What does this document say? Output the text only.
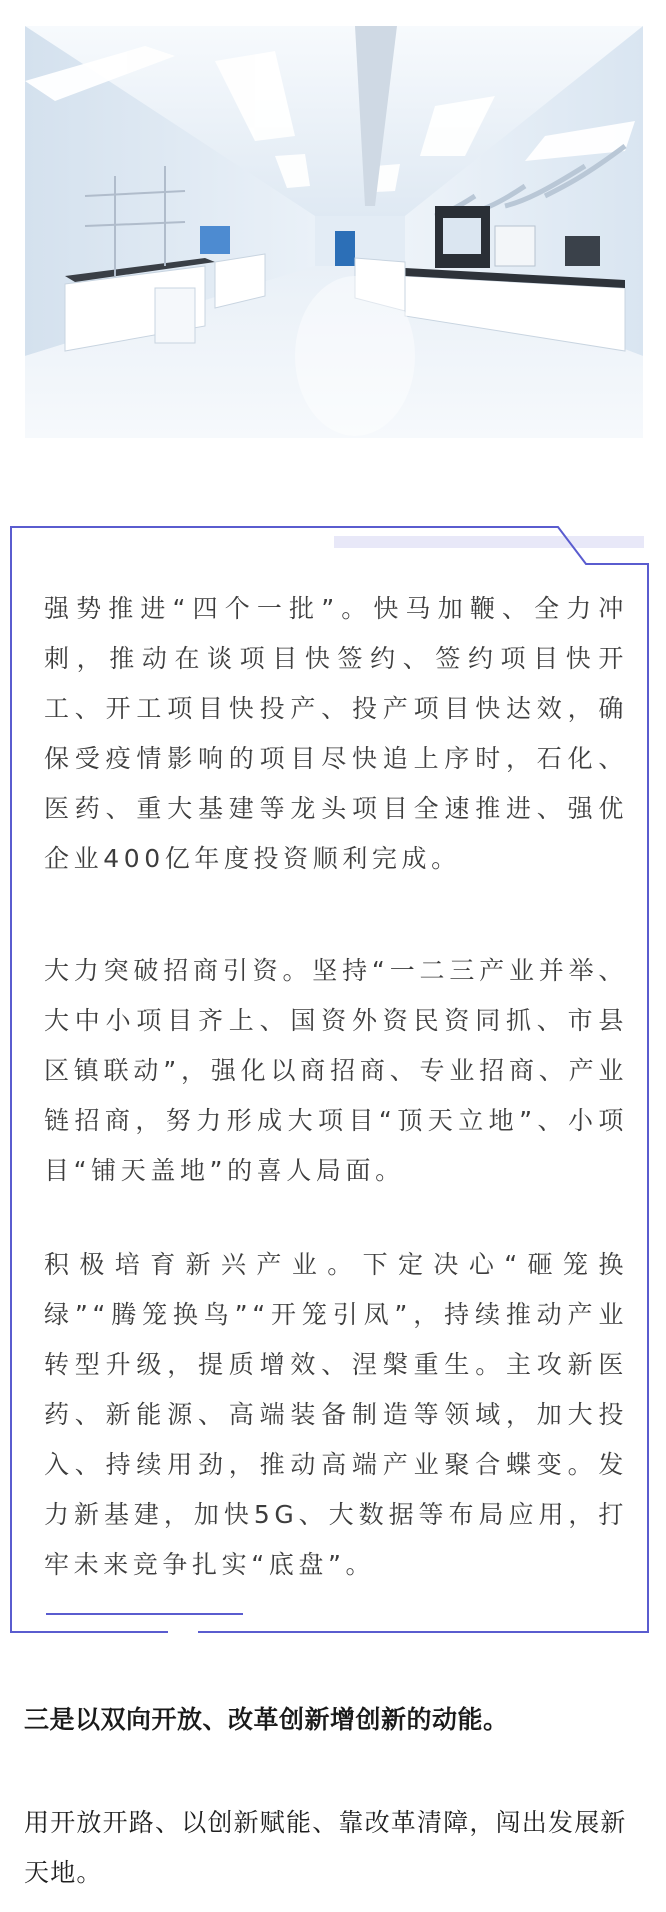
强势推进“四个一批”。快马加鞭、全力冲刺，推动在谈项目快签约、签约项目快开工、开工项目快投产、投产项目快达效，确保受疫情影响的项目尽快追上序时，石化、医药、重大基建等龙头项目全速推进、强优企业400亿年度投资顺利完成。
大力突破招商引资。坚持“一二三产业并举、大中小项目齐上、国资外资民资同抓、市县区镇联动”，强化以商招商、专业招商、产业链招商，努力形成大项目“顶天立地”、小项目“铺天盖地”的喜人局面。
积极培育新兴产业。下定决心“砸笼换绿”“腾笼换鸟”“开笼引凤”，持续推动产业转型升级，提质增效、涅槃重生。主攻新医药、新能源、高端装备制造等领域，加大投入、持续用劲，推动高端产业聚合蝶变。发力新基建，加快5G、大数据等布局应用，打牢未来竞争扎实“底盘”。
三是以双向开放、改革创新增创新的动能。
用开放开路、以创新赋能、靠改革清障，闯出发展新天地。
